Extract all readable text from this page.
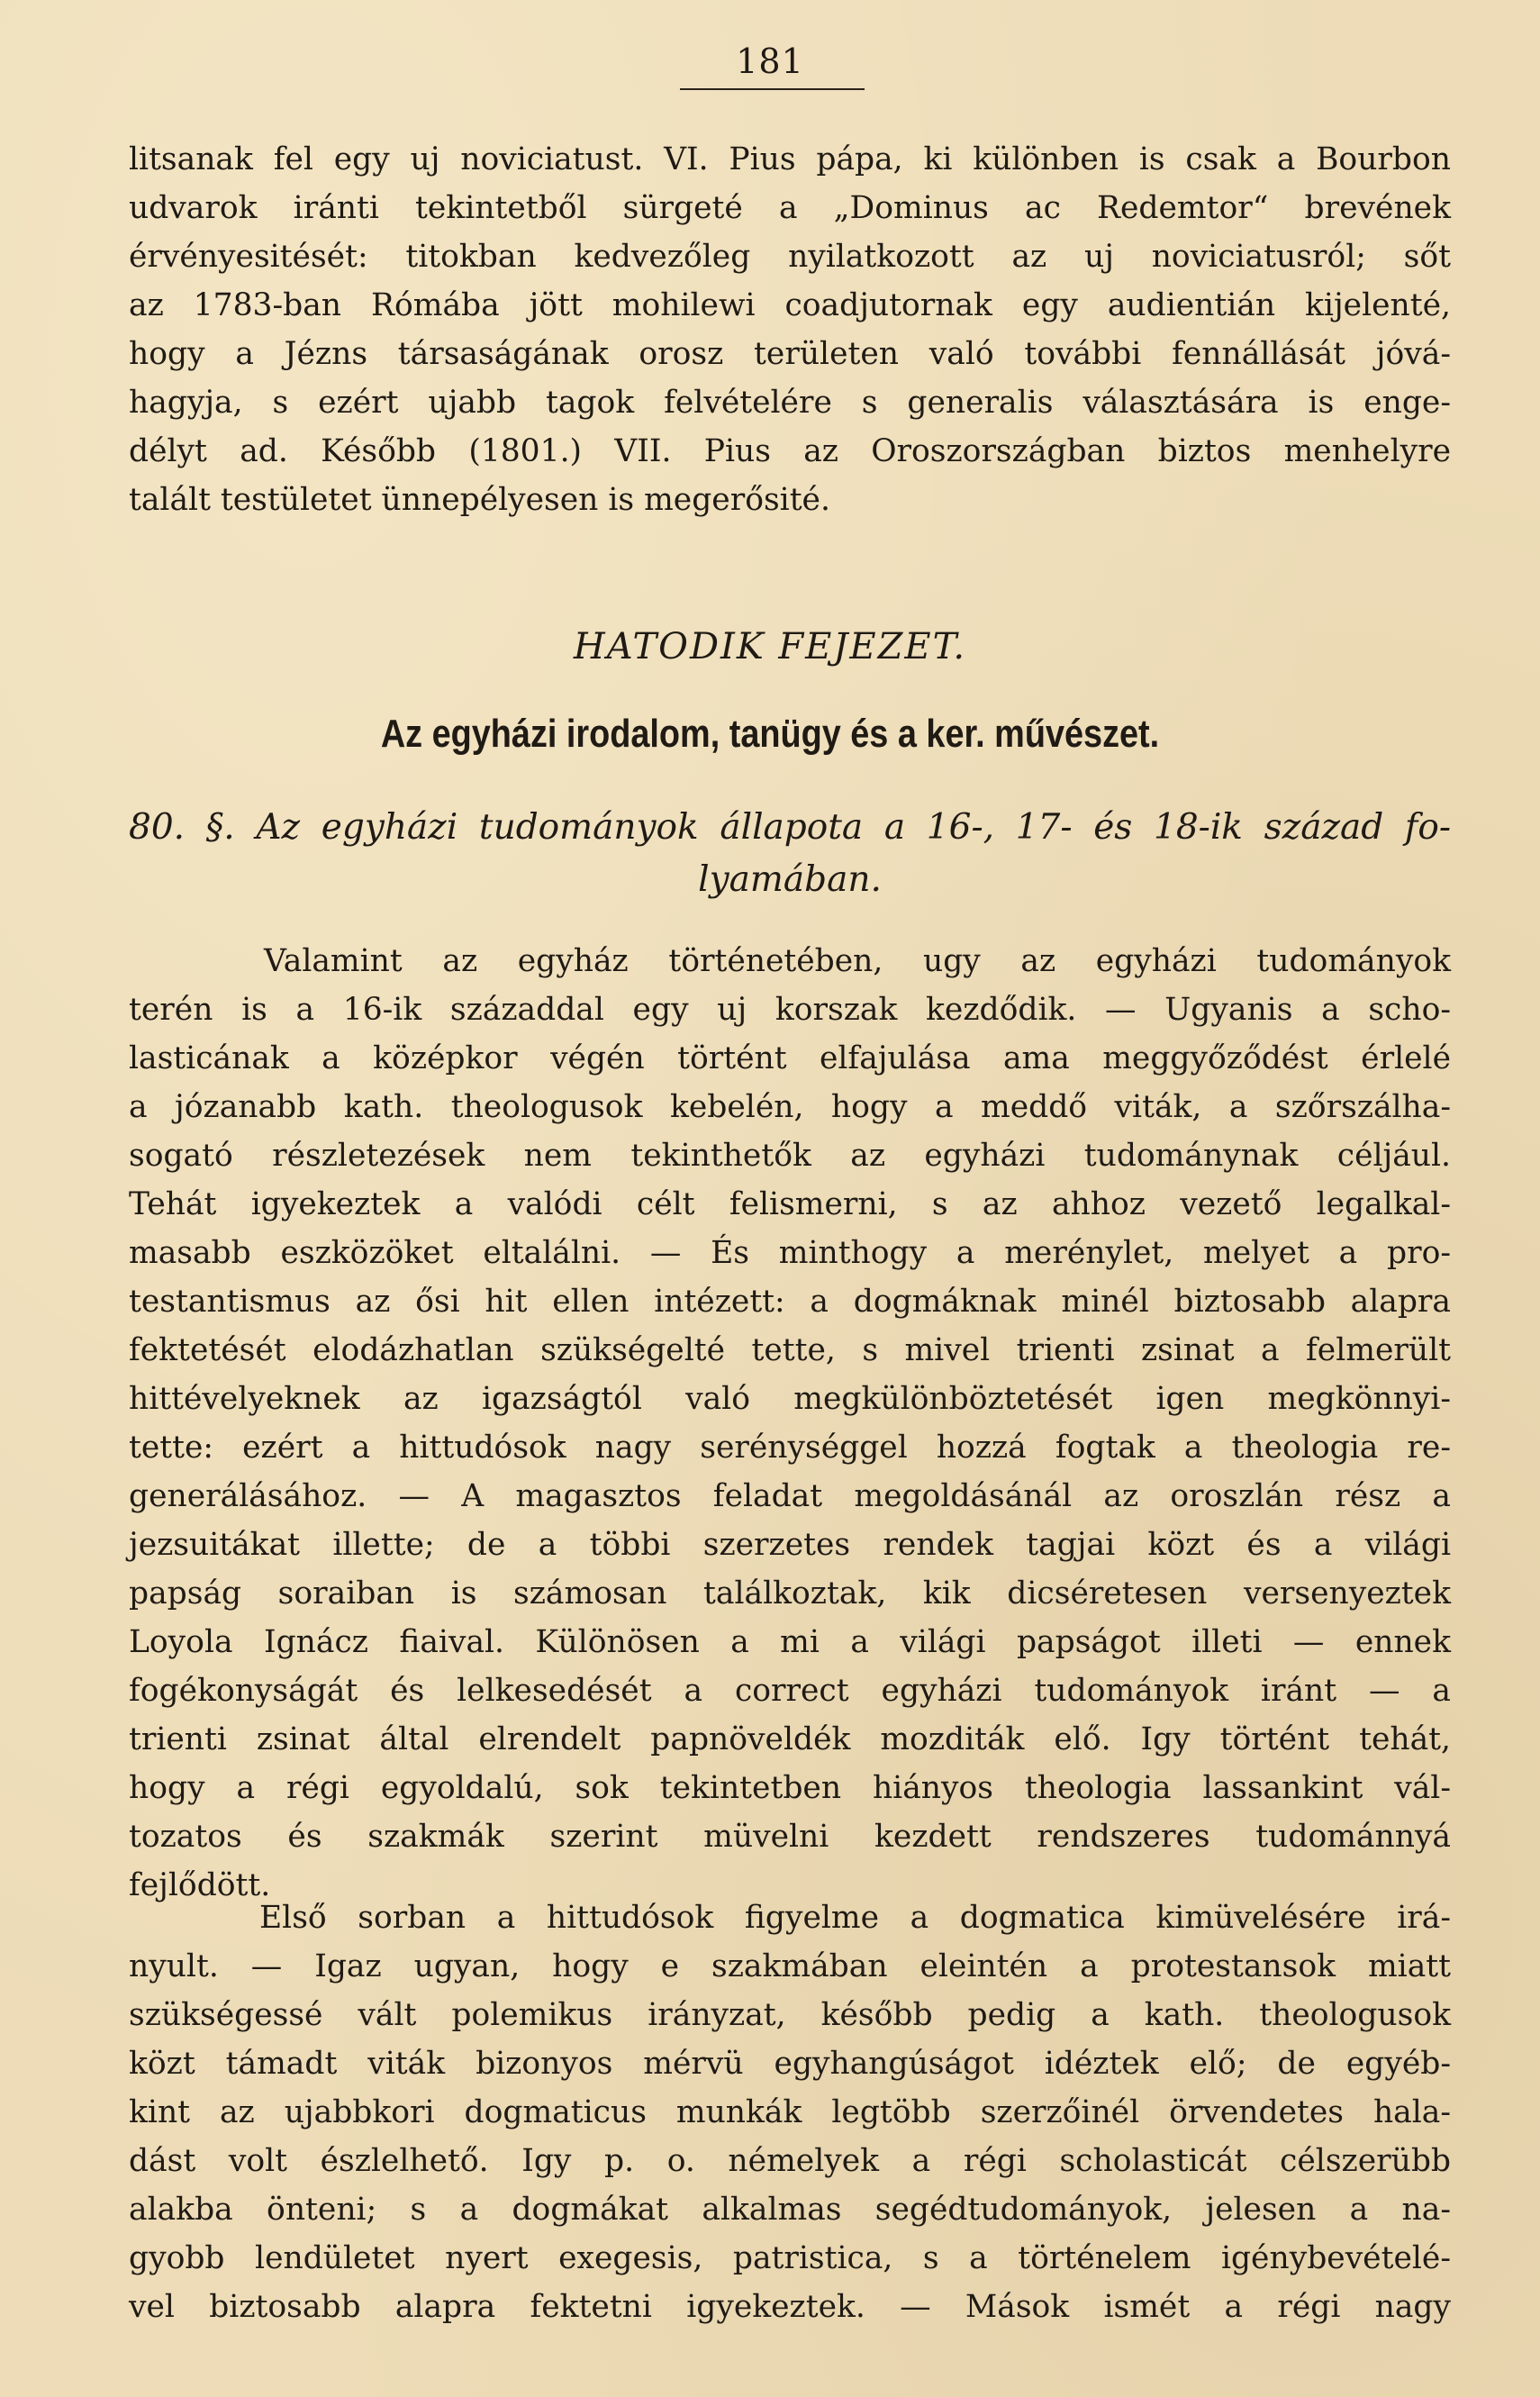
181
litsanak fel egy uj noviciatust. VI. Pius pápa, ki különben is csak a Bourbon
udvarok iránti tekintetből sürgeté a „Dominus ac Redemtor“ brevének
érvényesitését: titokban kedvezőleg nyilatkozott az uj noviciatusról; sőt
az 1783-ban Rómába jött mohilewi coadjutornak egy audientián kijelenté,
hogy a Jézns társaságának orosz területen való további fennállását jóvá-
hagyja, s ezért ujabb tagok felvételére s generalis választására is enge-
délyt ad. Később (1801.) VII. Pius az Oroszországban biztos menhelyre
talált testületet ünnepélyesen is megerősité.
HATODIK FEJEZET.
Az egyházi irodalom, tanügy és a ker. művészet.
80. §. Az egyházi tudományok állapota a 16-, 17- és 18-ik század fo-
lyamában.
Valamint az egyház történetében, ugy az egyházi tudományok
terén is a 16-ik századdal egy uj korszak kezdődik. — Ugyanis a scho-
lasticának a középkor végén történt elfajulása ama meggyőződést érlelé
a józanabb kath. theologusok kebelén, hogy a meddő viták, a szőrszálha-
sogató részletezések nem tekinthetők az egyházi tudománynak céljául.
Tehát igyekeztek a valódi célt felismerni, s az ahhoz vezető legalkal-
masabb eszközöket eltalálni. — És minthogy a merénylet, melyet a pro-
testantismus az ősi hit ellen intézett: a dogmáknak minél biztosabb alapra
fektetését elodázhatlan szükségelté tette, s mivel trienti zsinat a felmerült
hittévelyeknek az igazságtól való megkülönböztetését igen megkönnyi-
tette: ezért a hittudósok nagy serénységgel hozzá fogtak a theologia re-
generálásához. — A magasztos feladat megoldásánál az oroszlán rész a
jezsuitákat illette; de a többi szerzetes rendek tagjai közt és a világi
papság soraiban is számosan találkoztak, kik dicséretesen versenyeztek
Loyola Ignácz fiaival. Különösen a mi a világi papságot illeti — ennek
fogékonyságát és lelkesedését a correct egyházi tudományok iránt — a
trienti zsinat által elrendelt papnöveldék mozditák elő. Igy történt tehát,
hogy a régi egyoldalú, sok tekintetben hiányos theologia lassankint vál-
tozatos és szakmák szerint müvelni kezdett rendszeres tudománnyá
fejlődött.
Első sorban a hittudósok figyelme a dogmatica kimüvelésére irá-
nyult. — Igaz ugyan, hogy e szakmában eleintén a protestansok miatt
szükségessé vált polemikus irányzat, később pedig a kath. theologusok
közt támadt viták bizonyos mérvü egyhangúságot idéztek elő; de egyéb-
kint az ujabbkori dogmaticus munkák legtöbb szerzőinél örvendetes hala-
dást volt észlelhető. Igy p. o. némelyek a régi scholasticát célszerübb
alakba önteni; s a dogmákat alkalmas segédtudományok, jelesen a na-
gyobb lendületet nyert exegesis, patristica, s a történelem igénybevételé-
vel biztosabb alapra fektetni igyekeztek. — Mások ismét a régi nagy
